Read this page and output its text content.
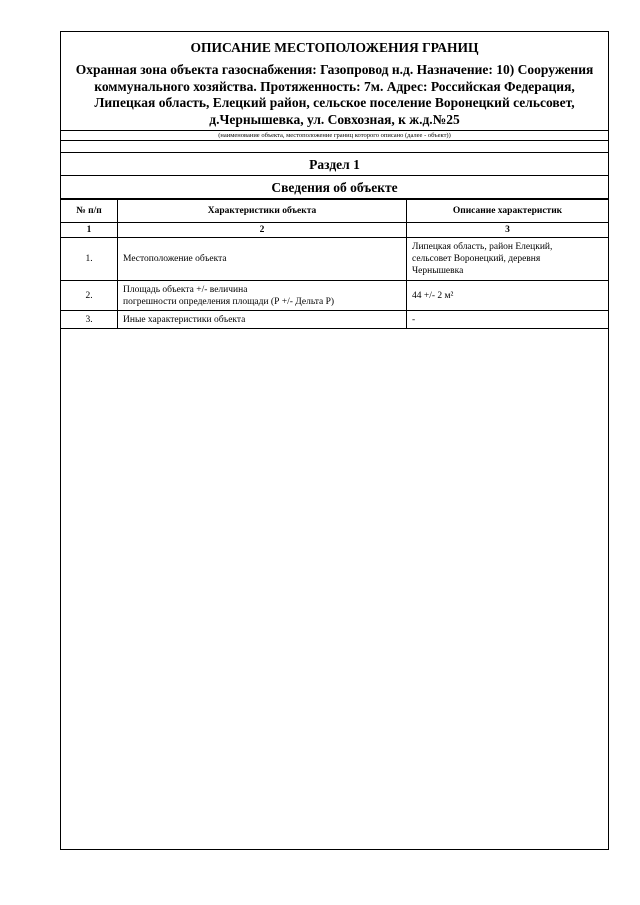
ОПИСАНИЕ МЕСТОПОЛОЖЕНИЯ ГРАНИЦ
Охранная зона объекта газоснабжения: Газопровод н.д. Назначение: 10) Сооружения коммунального хозяйства. Протяженность: 7м. Адрес: Российская Федерация, Липецкая область, Елецкий район, сельское поселение Воронецкий сельсовет, д.Чернышевка, ул. Совхозная, к ж.д.№25
(наименование объекта, местоположение границ которого описано (далее - объект))
Раздел 1
Сведения об объекте
№ п/п	Характеристики объекта	Описание характеристик
1	2	3
1.	Местоположение объекта	Липецкая область, район Елецкий,
сельсовет Воронецкий, деревня
Чернышевка
2.	Площадь объекта +/- величина
погрешности определения площади (Р +/- Дельта Р)	44 +/- 2 м²
3.	Иные характеристики объекта	-
